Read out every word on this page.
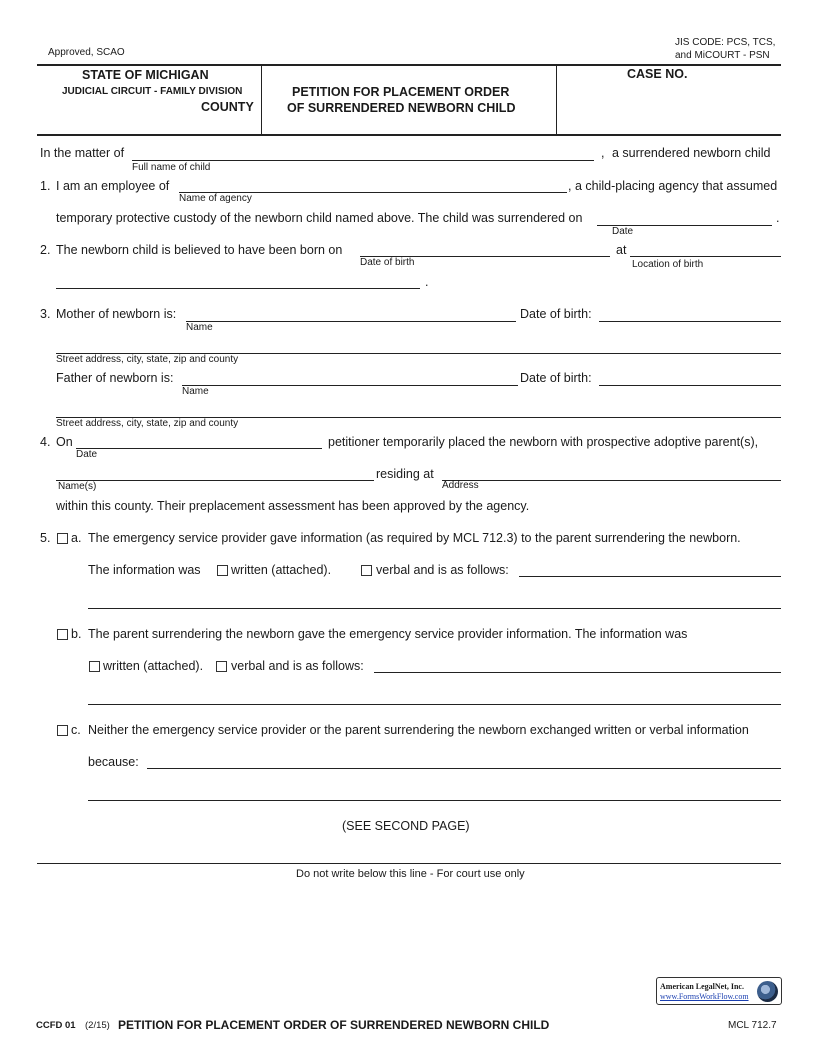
Approved, SCAO
JIS CODE: PCS, TCS,
and MiCOURT - PSN
STATE OF MICHIGAN
JUDICIAL CIRCUIT - FAMILY DIVISION
COUNTY
PETITION FOR PLACEMENT ORDER
OF SURRENDERED NEWBORN CHILD
CASE NO.
In the matter of	, a surrendered newborn child
Full name of child
1. I am an employee of	, a child-placing agency that assumed
Name of agency
temporary protective custody of the newborn child named above. The child was surrendered on	.
Date
2. The newborn child is believed to have been born on	at
Date of birth	Location of birth
.
3. Mother of newborn is:	Date of birth:
Name
Street address, city, state, zip and county
Father of newborn is:	Date of birth:
Name
Street address, city, state, zip and county
4. On	petitioner temporarily placed the newborn with prospective adoptive parent(s),
Date
residing at
Name(s)	Address
within this county. Their preplacement assessment has been approved by the agency.
5. a. The emergency service provider gave information (as required by MCL 712.3) to the parent surrendering the newborn.
The information was written (attached).	verbal and is as follows:
b. The parent surrendering the newborn gave the emergency service provider information. The information was
written (attached). verbal and is as follows:
c. Neither the emergency service provider or the parent surrendering the newborn exchanged written or verbal information
because:
(SEE SECOND PAGE)
Do not write below this line - For court use only
American LegalNet, Inc.
www.FormsWorkFlow.com
CCFD 01 (2/15) PETITION FOR PLACEMENT ORDER OF SURRENDERED NEWBORN CHILD	MCL 712.7
